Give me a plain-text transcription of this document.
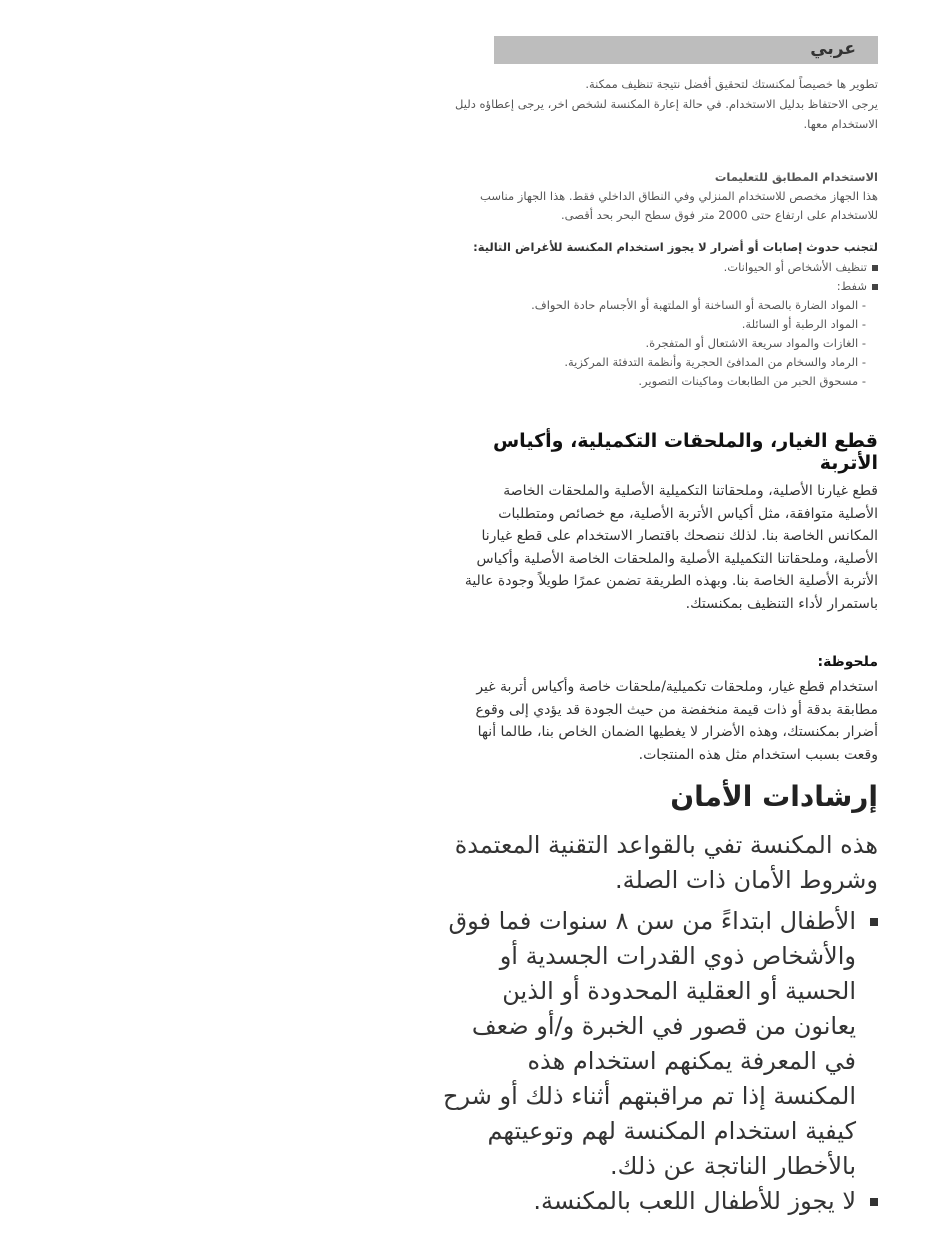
عربي

تطوير ها خصيصاً لمكنستك لتحقيق أفضل نتيجة تنظيف ممكنة.

يرجى الاحتفاظ بدليل الاستخدام. في حالة إعارة المكنسة لشخص اخر، يرجى إعطاؤه دليل الاستخدام معها.

الاستخدام المطابق للتعليمات

هذا الجهاز مخصص للاستخدام المنزلي وفي النطاق الداخلي فقط. هذا الجهاز مناسب للاستخدام على ارتفاع حتى 2000 متر فوق سطح البحر بحد أقصى.

لتجنب حدوث إصابات أو أضرار لا يجوز استخدام المكنسة للأغراض التالية:

تنظيف الأشخاص أو الحيوانات.
شفط:
- المواد الضارة بالصحة أو الساخنة أو الملتهبة أو الأجسام حادة الحواف.
- المواد الرطبة أو السائلة.
- الغازات والمواد سريعة الاشتعال أو المتفجرة.
- الرماد والسخام من المدافئ الحجرية وأنظمة التدفئة المركزية.
- مسحوق الحبر من الطابعات وماكينات التصوير.
قطع الغيار، والملحقات التكميلية، وأكياس الأتربة

قطع غيارنا الأصلية، وملحقاتنا التكميلية الأصلية والملحقات الخاصة الأصلية متوافقة، مثل أكياس الأتربة الأصلية، مع خصائص ومتطلبات المكانس الخاصة بنا. لذلك ننصحك باقتصار الاستخدام على قطع غيارنا الأصلية، وملحقاتنا التكميلية الأصلية والملحقات الخاصة الأصلية وأكياس الأتربة الأصلية الخاصة بنا. وبهذه الطريقة تضمن عمرًا طويلاً وجودة عالية باستمرار لأداء التنظيف بمكنستك.

ملحوظة:

استخدام قطع غيار، وملحقات تكميلية/ملحقات خاصة وأكياس أتربة غير مطابقة بدقة أو ذات قيمة منخفضة من حيث الجودة قد يؤدي إلى وقوع أضرار بمكنستك، وهذه الأضرار لا يغطيها الضمان الخاص بنا، طالما أنها وقعت بسبب استخدام مثل هذه المنتجات.

إرشادات الأمان

هذه المكنسة تفي بالقواعد التقنية المعتمدة وشروط الأمان ذات الصلة.

الأطفال ابتداءً من سن ٨ سنوات فما فوق والأشخاص ذوي القدرات الجسدية أو الحسية أو العقلية المحدودة أو الذين يعانون من قصور في الخبرة و/أو ضعف في المعرفة يمكنهم استخدام هذه المكنسة إذا تم مراقبتهم أثناء ذلك أو شرح كيفية استخدام المكنسة لهم وتوعيتهم بالأخطار الناتجة عن ذلك.
لا يجوز للأطفال اللعب بالمكنسة.
